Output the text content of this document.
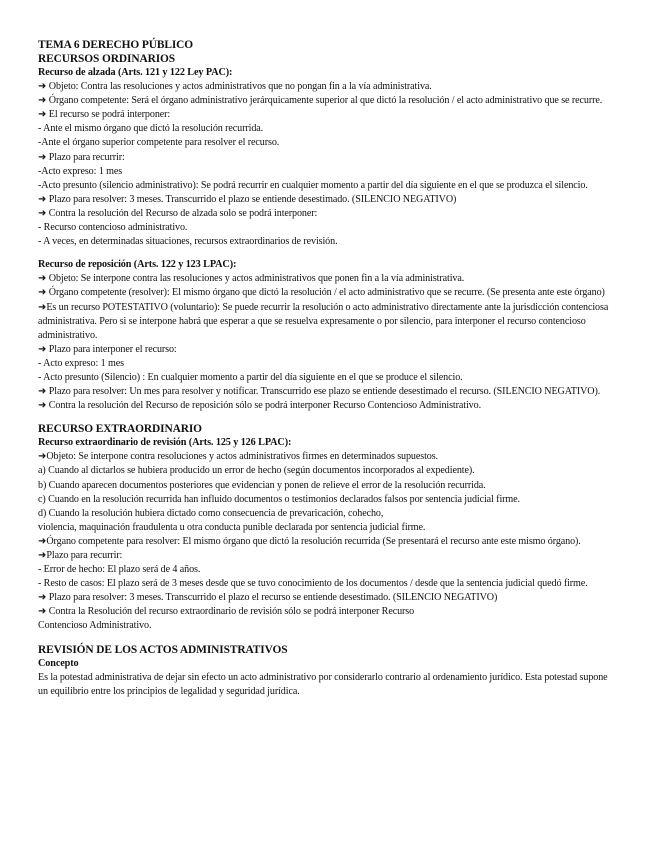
TEMA 6 DERECHO PÚBLICO
RECURSOS ORDINARIOS
Recurso de alzada (Arts. 121 y 122 Ley PAC):
➜ Objeto: Contra las resoluciones y actos administrativos que no pongan fin a la vía administrativa.
➜ Órgano competente: Será el órgano administrativo jerárquicamente superior al que dictó la resolución / el acto administrativo que se recurre.
➜ El recurso se podrá interponer:
- Ante el mismo órgano que dictó la resolución recurrida.
-Ante el órgano superior competente para resolver el recurso.
➜ Plazo para recurrir:
-Acto expreso: 1 mes
-Acto presunto (silencio administrativo): Se podrá recurrir en cualquier momento a partir del día siguiente en el que se produzca el silencio.
➜ Plazo para resolver: 3 meses. Transcurrido el plazo se entiende desestimado. (SILENCIO NEGATIVO)
➜ Contra la resolución del Recurso de alzada solo se podrá interponer:
- Recurso contencioso administrativo.
- A veces, en determinadas situaciones, recursos extraordinarios de revisión.
Recurso de reposición (Arts. 122 y 123 LPAC):
➜ Objeto: Se interpone contra las resoluciones y actos administrativos que ponen fin a la vía administrativa.
➜ Órgano competente (resolver): El mismo órgano que dictó la resolución / el acto administrativo que se recurre. (Se presenta ante este órgano)
➜Es un recurso POTESTATIVO (voluntario): Se puede recurrir la resolución o acto administrativo directamente ante la jurisdicción contenciosa administrativa. Pero si se interpone habrá que esperar a que se resuelva expresamente o por silencio, para interponer el recurso contencioso administrativo.
➜ Plazo para interponer el recurso:
- Acto expreso: 1 mes
- Acto presunto (Silencio) : En cualquier momento a partir del día siguiente en el que se produce el silencio.
➜ Plazo para resolver: Un mes para resolver y notificar. Transcurrido ese plazo se entiende desestimado el recurso. (SILENCIO NEGATIVO).
➜ Contra la resolución del Recurso de reposición sólo se podrá interponer Recurso Contencioso Administrativo.
RECURSO EXTRAORDINARIO
Recurso extraordinario de revisión (Arts. 125 y 126 LPAC):
➜Objeto: Se interpone contra resoluciones y actos administrativos firmes en determinados supuestos.
a) Cuando al dictarlos se hubiera producido un error de hecho (según documentos incorporados al expediente).
b) Cuando aparecen documentos posteriores que evidencian y ponen de relieve el error de la resolución recurrida.
c) Cuando en la resolución recurrida han influido documentos o testimonios declarados falsos por sentencia judicial firme.
d) Cuando la resolución hubiera dictado como consecuencia de prevaricación, cohecho,
violencia, maquinación fraudulenta u otra conducta punible declarada por sentencia judicial firme.
➜Órgano competente para resolver: El mismo órgano que dictó la resolución recurrida (Se presentará el recurso ante este mismo órgano).
➜Plazo para recurrir:
- Error de hecho: El plazo será de 4 años.
- Resto de casos: El plazo será de 3 meses desde que se tuvo conocimiento de los documentos / desde que la sentencia judicial quedó firme.
➜ Plazo para resolver: 3 meses. Transcurrido el plazo el recurso se entiende desestimado. (SILENCIO NEGATIVO)
➜ Contra la Resolución del recurso extraordinario de revisión sólo se podrá interponer Recurso
Contencioso Administrativo.
REVISIÓN DE LOS ACTOS ADMINISTRATIVOS
Concepto
Es la potestad administrativa de dejar sin efecto un acto administrativo por considerarlo contrario al ordenamiento jurídico. Esta potestad supone un equilibrio entre los principios de legalidad y seguridad jurídica.
